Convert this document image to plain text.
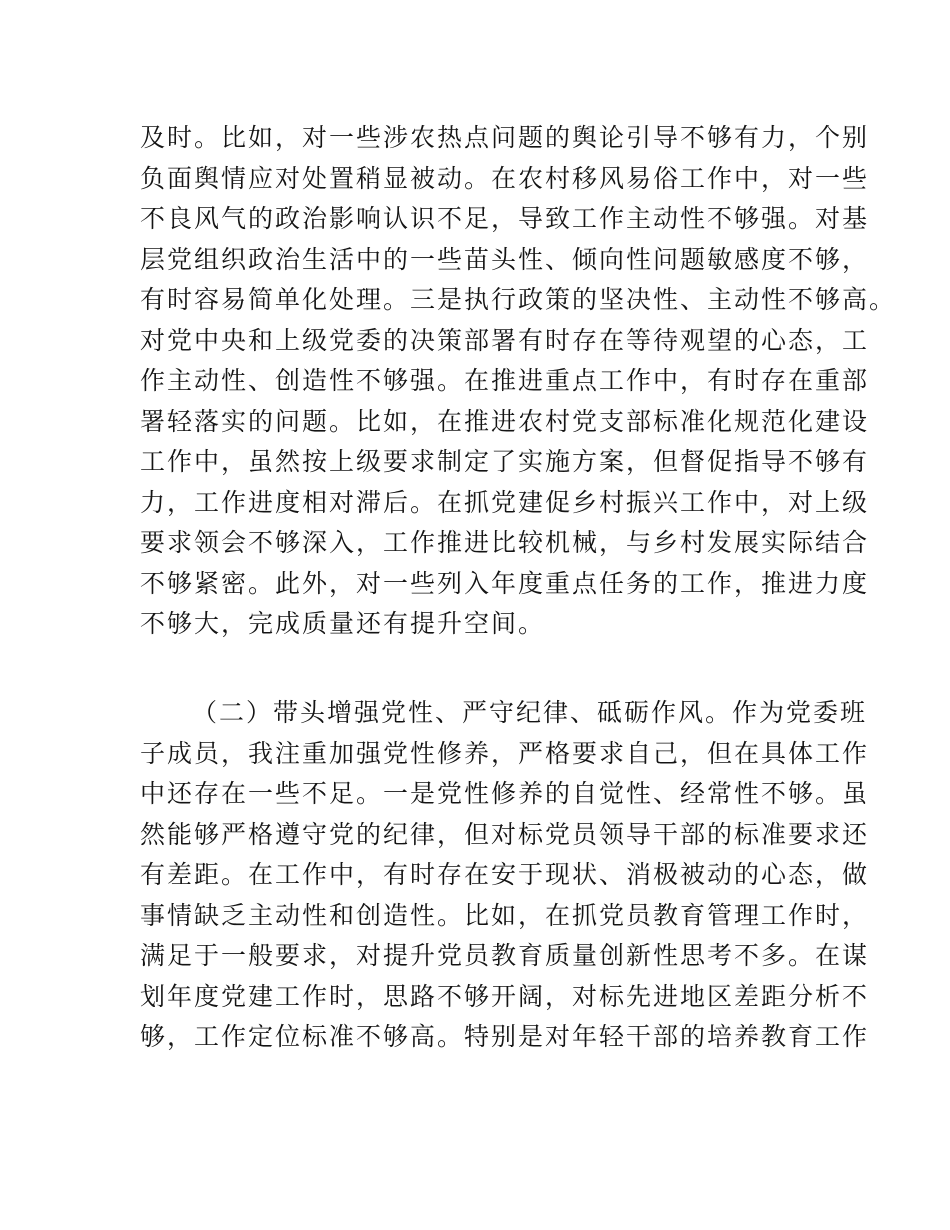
及时。比如，对一些涉农热点问题的舆论引导不够有力，个别

负面舆情应对处置稍显被动。在农村移风易俗工作中，对一些

不良风气的政治影响认识不足，导致工作主动性不够强。对基

层党组织政治生活中的一些苗头性、倾向性问题敏感度不够，

有时容易简单化处理。三是执行政策的坚决性、主动性不够高。

对党中央和上级党委的决策部署有时存在等待观望的心态，工

作主动性、创造性不够强。在推进重点工作中，有时存在重部

署轻落实的问题。比如，在推进农村党支部标准化规范化建设

工作中，虽然按上级要求制定了实施方案，但督促指导不够有

力，工作进度相对滞后。在抓党建促乡村振兴工作中，对上级

要求领会不够深入，工作推进比较机械，与乡村发展实际结合

不够紧密。此外，对一些列入年度重点任务的工作，推进力度

不够大，完成质量还有提升空间。

（二）带头增强党性、严守纪律、砥砺作风。作为党委班

子成员，我注重加强党性修养，严格要求自己，但在具体工作

中还存在一些不足。一是党性修养的自觉性、经常性不够。虽

然能够严格遵守党的纪律，但对标党员领导干部的标准要求还

有差距。在工作中，有时存在安于现状、消极被动的心态，做

事情缺乏主动性和创造性。比如，在抓党员教育管理工作时，

满足于一般要求，对提升党员教育质量创新性思考不多。在谋

划年度党建工作时，思路不够开阔，对标先进地区差距分析不

够，工作定位标准不够高。特别是对年轻干部的培养教育工作
